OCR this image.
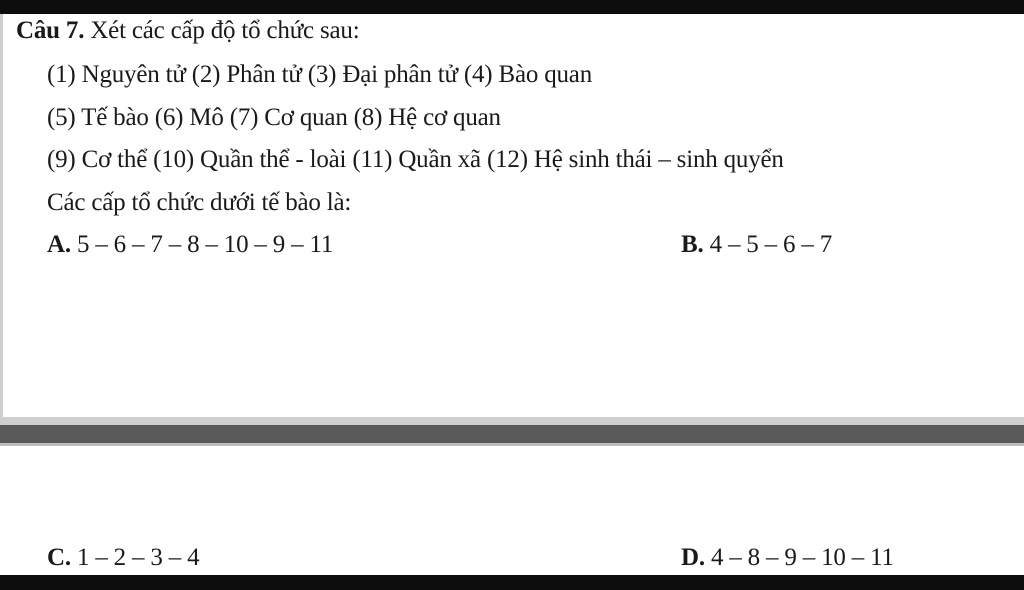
Câu 7. Xét các cấp độ tổ chức sau:
(1) Nguyên tử (2) Phân tử (3) Đại phân tử (4) Bào quan
(5) Tế bào (6) Mô (7) Cơ quan (8) Hệ cơ quan
(9) Cơ thể (10) Quần thể - loài (11) Quần xã (12) Hệ sinh thái – sinh quyển
Các cấp tổ chức dưới tế bào là:
A. 5 – 6 – 7 – 8 – 10 – 9 – 11	B. 4 – 5 – 6 – 7
C. 1 – 2 – 3 – 4	D. 4 – 8 – 9 – 10 – 11
